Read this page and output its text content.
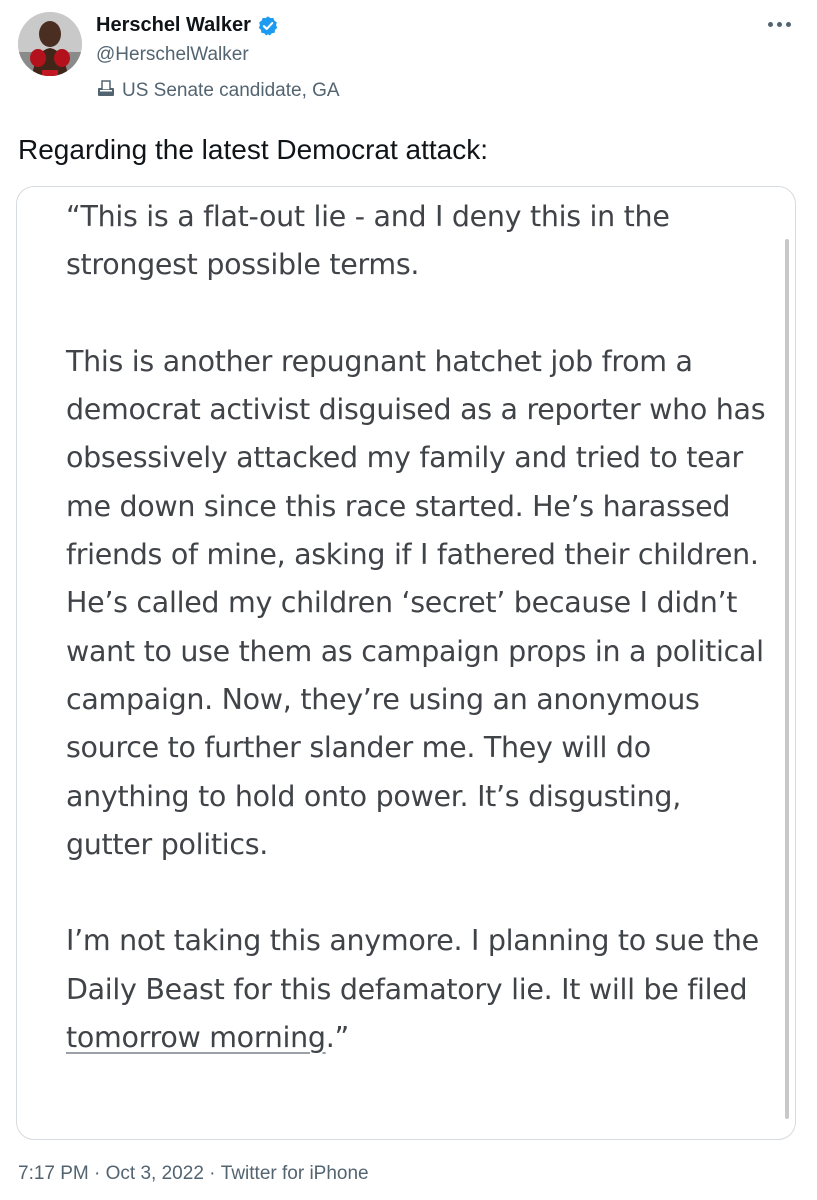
Herschel Walker
@HerschelWalker
US Senate candidate, GA

Regarding the latest Democrat attack:

“This is a flat-out lie - and I deny this in the strongest possible terms.

This is another repugnant hatchet job from a democrat activist disguised as a reporter who has obsessively attacked my family and tried to tear me down since this race started. He’s harassed friends of mine, asking if I fathered their children. He’s called my children ‘secret’ because I didn’t want to use them as campaign props in a political campaign. Now, they’re using an anonymous source to further slander me. They will do anything to hold onto power. It’s disgusting, gutter politics.

I’m not taking this anymore. I planning to sue the Daily Beast for this defamatory lie. It will be filed tomorrow morning.”

7:17 PM · Oct 3, 2022 · Twitter for iPhone
